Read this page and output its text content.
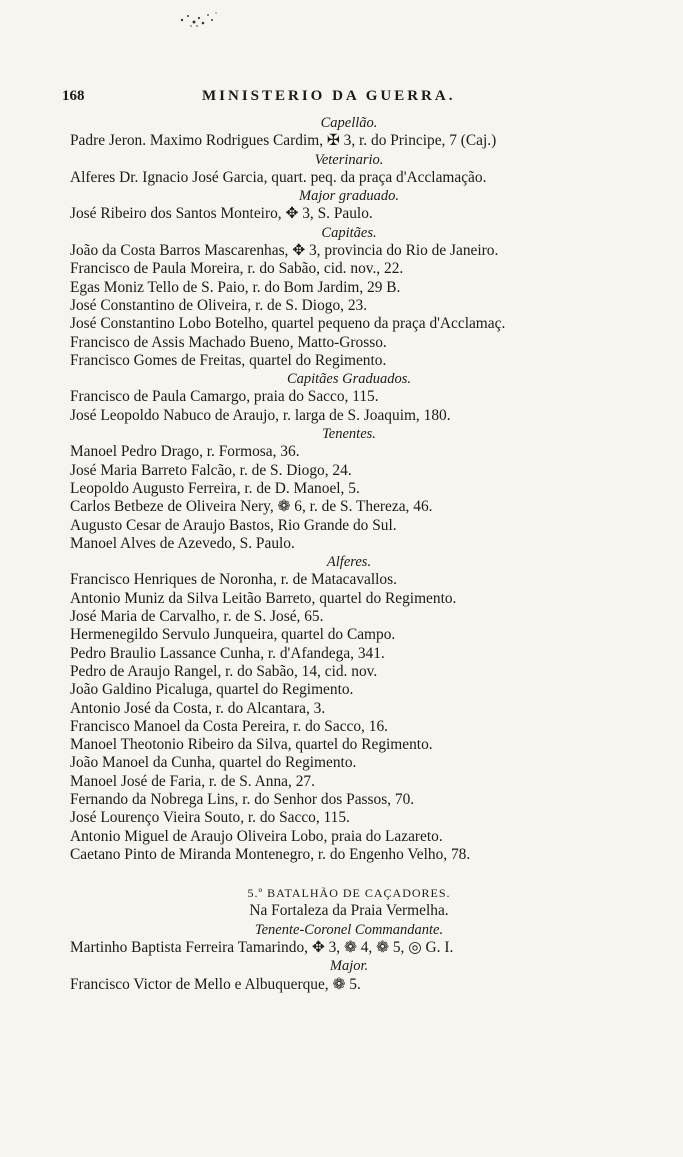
168	MINISTERIO DA GUERRA.
Capellão.
Padre Jeron. Maximo Rodrigues Cardim, ✠ 3, r. do Principe, 7 (Caj.)
Veterinario.
Alferes Dr. Ignacio José Garcia, quart. peq. da praça d'Acclamação.
Major graduado.
José Ribeiro dos Santos Monteiro, ✥ 3, S. Paulo.
Capitães.
João da Costa Barros Mascarenhas, ✥ 3, provincia do Rio de Janeiro.
Francisco de Paula Moreira, r. do Sabão, cid. nov., 22.
Egas Moniz Tello de S. Paio, r. do Bom Jardim, 29 B.
José Constantino de Oliveira, r. de S. Diogo, 23.
José Constantino Lobo Botelho, quartel pequeno da praça d'Acclamaç.
Francisco de Assis Machado Bueno, Matto-Grosso.
Francisco Gomes de Freitas, quartel do Regimento.
Capitães Graduados.
Francisco de Paula Camargo, praia do Sacco, 115.
José Leopoldo Nabuco de Araujo, r. larga de S. Joaquim, 180.
Tenentes.
Manoel Pedro Drago, r. Formosa, 36.
José Maria Barreto Falcão, r. de S. Diogo, 24.
Leopoldo Augusto Ferreira, r. de D. Manoel, 5.
Carlos Betbeze de Oliveira Nery, ❁ 6, r. de S. Thereza, 46.
Augusto Cesar de Araujo Bastos, Rio Grande do Sul.
Manoel Alves de Azevedo, S. Paulo.
Alferes.
Francisco Henriques de Noronha, r. de Matacavallos.
Antonio Muniz da Silva Leitão Barreto, quartel do Regimento.
José Maria de Carvalho, r. de S. José, 65.
Hermenegildo Servulo Junqueira, quartel do Campo.
Pedro Braulio Lassance Cunha, r. d'Afandega, 341.
Pedro de Araujo Rangel, r. do Sabão, 14, cid. nov.
João Galdino Picaluga, quartel do Regimento.
Antonio José da Costa, r. do Alcantara, 3.
Francisco Manoel da Costa Pereira, r. do Sacco, 16.
Manoel Theotonio Ribeiro da Silva, quartel do Regimento.
João Manoel da Cunha, quartel do Regimento.
Manoel José de Faria, r. de S. Anna, 27.
Fernando da Nobrega Lins, r. do Senhor dos Passos, 70.
José Lourenço Vieira Souto, r. do Sacco, 115.
Antonio Miguel de Araujo Oliveira Lobo, praia do Lazareto.
Caetano Pinto de Miranda Montenegro, r. do Engenho Velho, 78.
5.º BATALHÃO DE CAÇADORES.
Na Fortaleza da Praia Vermelha.
Tenente-Coronel Commandante.
Martinho Baptista Ferreira Tamarindo, ✥ 3, ❁ 4, ❁ 5, ◎ G. I.
Major.
Francisco Victor de Mello e Albuquerque, ❁ 5.
